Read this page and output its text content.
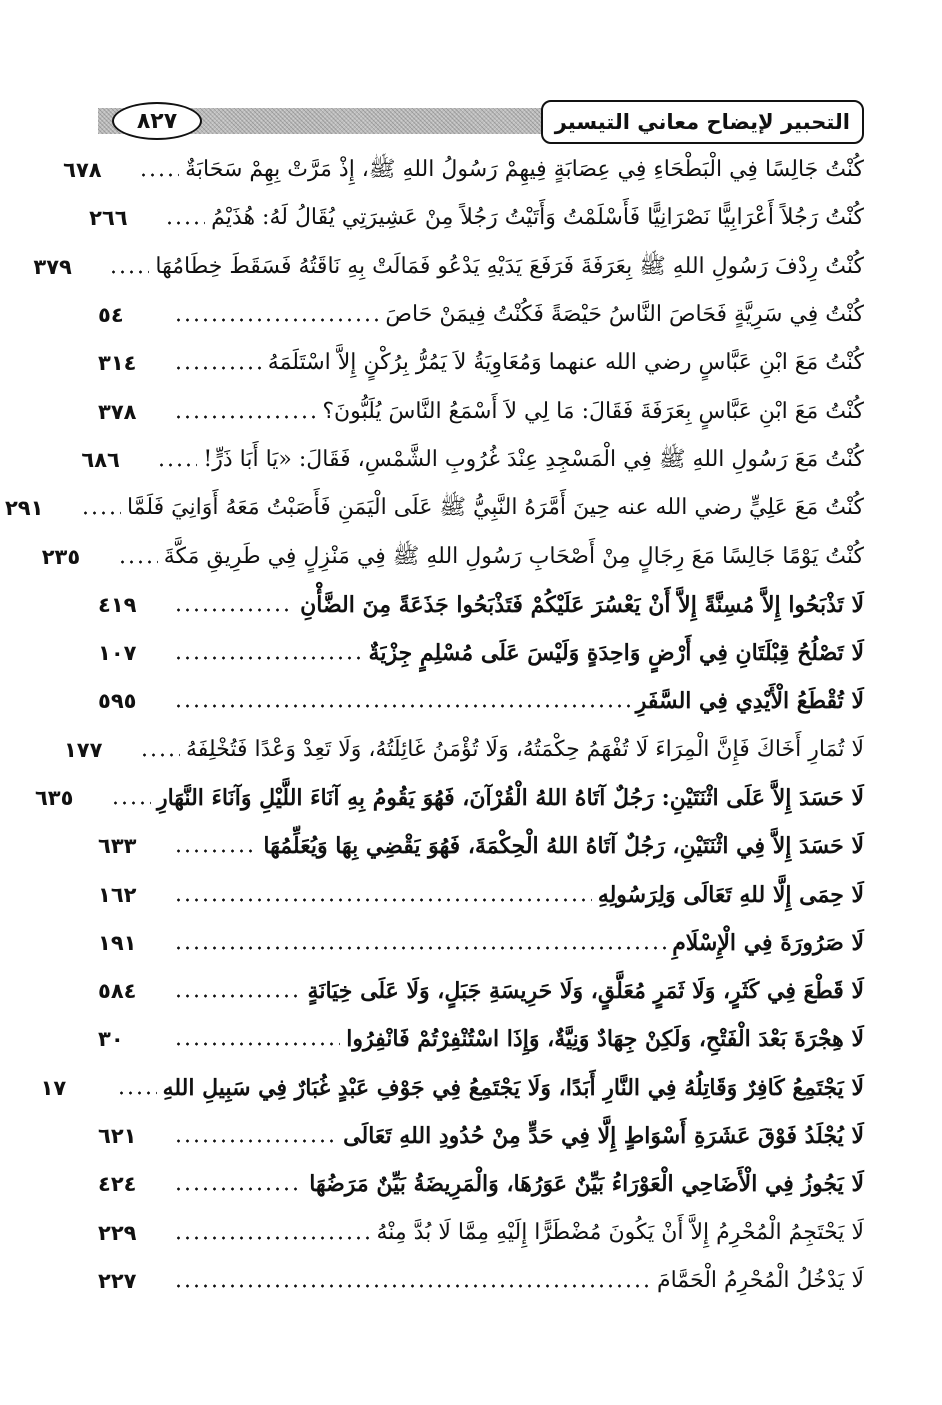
٨٢٧	التحبير لإيضاح معاني التيسير
كُنْتُ جَالِسًا فِي الْبَطْحَاءِ فِي عِصَابَةٍ فِيهِمْ رَسُولُ اللهِ ﷺ، إِذْ مَرَّتْ بِهِمْ سَحَابَةٌ
٦٧٨
كُنْتُ رَجُلاً أَعْرَابِيًّا نَصْرَانِيًّا فَأَسْلَمْتُ وَأَتَيْتُ رَجُلاً مِنْ عَشِيرَتِي يُقَالُ لَهُ: هُذَيْمُ
٢٦٦
كُنْتُ رِدْفَ رَسُولِ اللهِ ﷺ بِعَرَفَةَ فَرَفَعَ يَدَيْهِ يَدْعُو فَمَالَتْ بِهِ نَاقَتُهُ فَسَقَطَ خِطَامُهَا
٣٧٩
كُنْتُ فِي سَرِيَّةٍ فَحَاصَ النَّاسُ حَيْصَةً فَكُنْتُ فِيمَنْ حَاصَ
٥٤
كُنْتُ مَعَ ابْنِ عَبَّاسٍ رضي الله عنهما وَمُعَاوِيَةُ لاَ يَمُرُّ بِرُكْنٍ إِلاَّ اسْتَلَمَهُ
٣١٤
كُنْتُ مَعَ ابْنِ عَبَّاسٍ بِعَرَفَةَ فَقَالَ: مَا لِي لاَ أَسْمَعُ النَّاسَ يُلَبُّونَ؟
٣٧٨
كُنْتُ مَعَ رَسُولِ اللهِ ﷺ فِي الْمَسْجِدِ عِنْدَ غُرُوبِ الشَّمْسِ، فَقَالَ: «يَا أَبَا ذَرٍّ!
٦٨٦
كُنْتُ مَعَ عَلِيٍّ رضي الله عنه حِينَ أَمَّرَهُ النَّبِيُّ ﷺ عَلَى الْيَمَنِ فَأَصَبْتُ مَعَهُ أَوَانِيَ فَلَمَّا
٢٩١
كُنْتُ يَوْمًا جَالِسًا مَعَ رِجَالٍ مِنْ أَصْحَابِ رَسُولِ اللهِ ﷺ فِي مَنْزِلٍ فِي طَرِيقِ مَكَّةَ
٢٣٥
لَا تَذْبَحُوا إِلاَّ مُسِنَّةً إِلاَّ أَنْ يَعْسُرَ عَلَيْكُمْ فَتَذْبَحُوا جَذَعَةً مِنَ الضَّأْنِ
٤١٩
لَا تَصْلُحُ قِبْلَتَانِ فِي أَرْضٍ وَاحِدَةٍ وَلَيْسَ عَلَى مُسْلِمٍ جِزْيَةٌ
١٠٧
لَا تُقْطَعُ الْأَيْدِي فِي السَّفَرِ
٥٩٥
لَا تُمَارِ أَخَاكَ فَإِنَّ الْمِرَاءَ لَا تُفْهَمُ حِكْمَتُهُ، وَلَا تُؤْمَنُ غَائِلَتُهُ، وَلَا تَعِدْ وَعْدًا فَتُخْلِفَهُ
١٧٧
لَا حَسَدَ إِلاَّ عَلَى اثْنَتَيْنِ: رَجُلٌ آتَاهُ اللهُ الْقُرْآنَ، فَهُوَ يَقُومُ بِهِ آنَاءَ اللَّيْلِ وَآنَاءَ النَّهَارِ
٦٣٥
لَا حَسَدَ إِلاَّ فِي اثْنَتَيْنِ، رَجُلٌ آتَاهُ اللهُ الْحِكْمَةَ، فَهُوَ يَقْضِي بِهَا وَيُعَلِّمُهَا
٦٣٣
لَا حِمَى إِلَّا للهِ تَعَالَى وَلِرَسُولِهِ
١٦٢
لَا صَرُورَةَ فِي الْإِسْلَامِ
١٩١
لَا قَطْعَ فِي كَثَرٍ، وَلَا ثَمَرٍ مُعَلَّقٍ، وَلَا حَرِيسَةِ جَبَلٍ، وَلَا عَلَى خِيَانَةٍ
٥٨٤
لَا هِجْرَةَ بَعْدَ الْفَتْحِ، وَلَكِنْ جِهَادٌ وَنِيَّةٌ، وَإِذَا اسْتُنْفِرْتُمْ فَانْفِرُوا
٣٠
لَا يَجْتَمِعُ كَافِرٌ وَقَاتِلُهُ فِي النَّارِ أَبَدًا، وَلَا يَجْتَمِعُ فِي جَوْفِ عَبْدٍ غُبَارٌ فِي سَبِيلِ اللهِ
١٧
لَا يُجْلَدُ فَوْقَ عَشَرَةِ أَسْوَاطٍ إِلَّا فِي حَدٍّ مِنْ حُدُودِ اللهِ تَعَالَى
٦٢١
لَا يَجُوزُ فِي الْأَضَاحِي الْعَوْرَاءُ بَيِّنٌ عَوَرُهَا، وَالْمَرِيضَةُ بَيِّنٌ مَرَضُهَا
٤٢٤
لَا يَحْتَجِمُ الْمُحْرِمُ إِلاَّ أَنْ يَكُونَ مُضْطَرًّا إِلَيْهِ مِمَّا لَا بُدَّ مِنْهُ
٢٢٩
لَا يَدْخُلُ الْمُحْرِمُ الْحَمَّامَ
٢٢٧
